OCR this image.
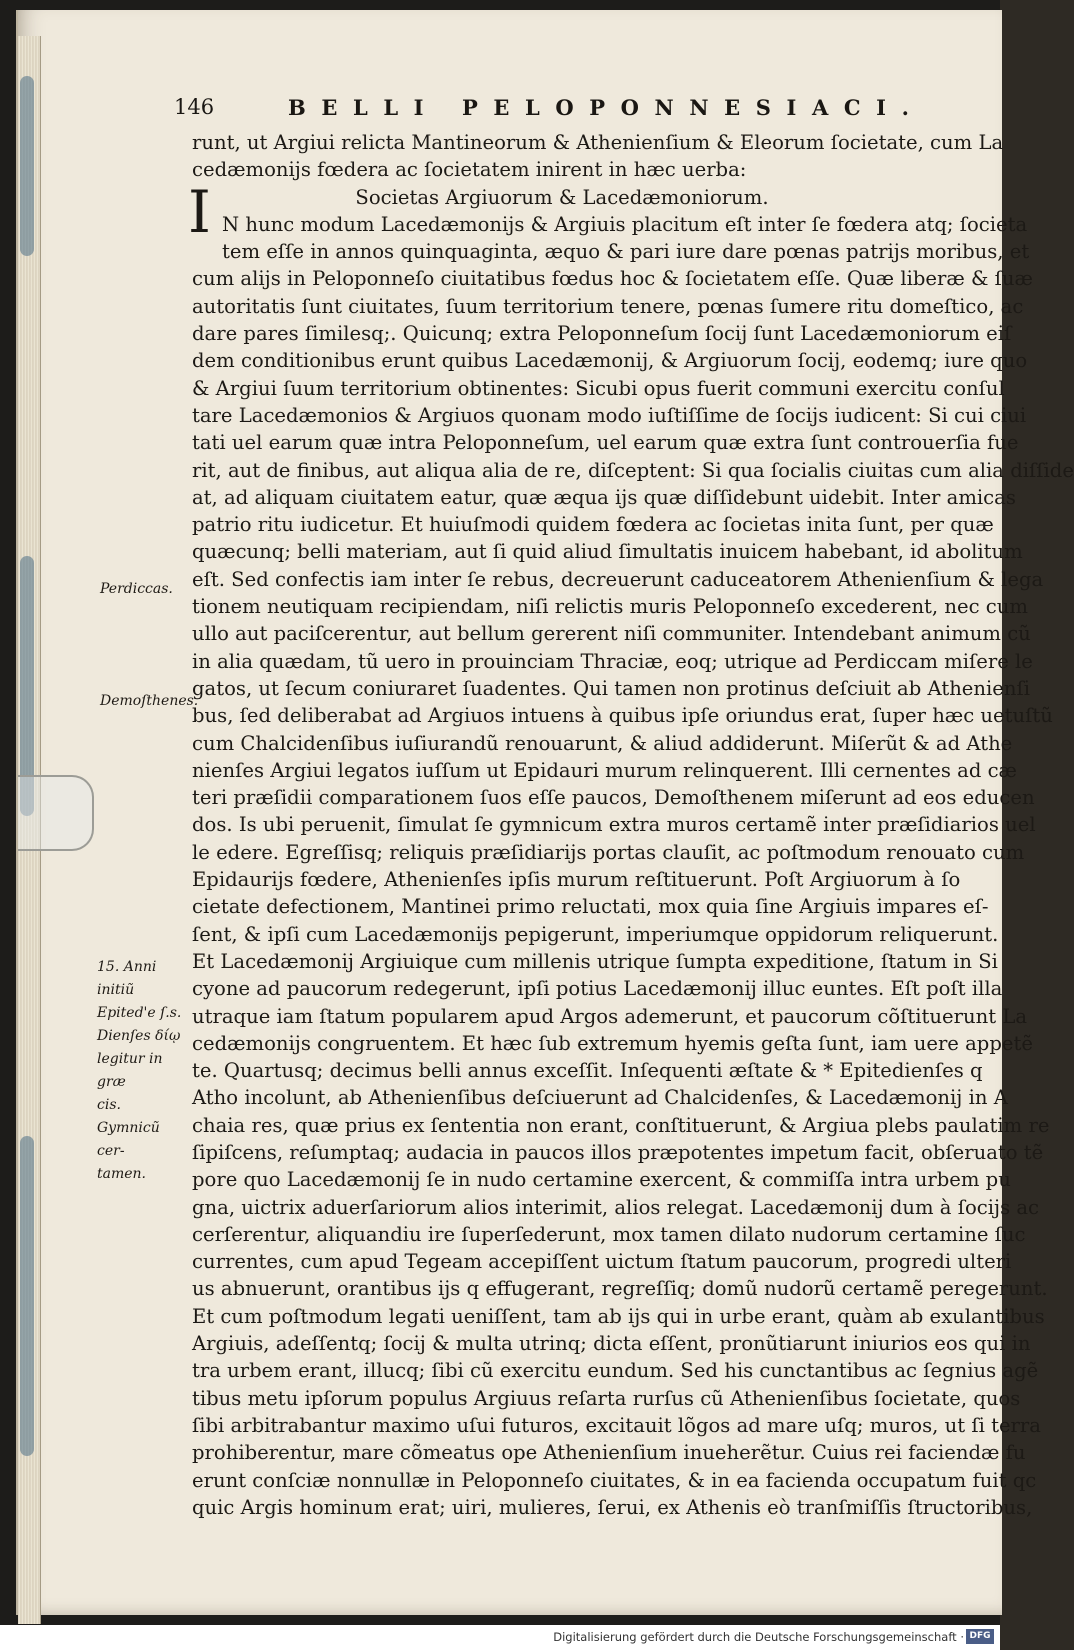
146	BELLI PELOPONNESIACI.
Perdiccas.
Demoſthenes.
15. Anni initiũ
Epited'e ſ.s.
Dienſes δίῳ
legitur in græ
cis.
Gymnicũ cer-
tamen.
I
runt, ut Argiui relicta Mantineorum & Athenienſium & Eleorum ſocietate, cum La
cedæmonijs fœdera ac ſocietatem inirent in hæc uerba:
Societas Argiuorum & Lacedæmoniorum.
N hunc modum Lacedæmonijs & Argiuis placitum eſt inter ſe fœdera atq; ſocieta
tem eſſe in annos quinquaginta, æquo & pari iure dare pœnas patrijs moribus, et
cum alijs in Peloponneſo ciuitatibus fœdus hoc & ſocietatem eſſe. Quæ liberæ & ſuæ
autoritatis ſunt ciuitates, ſuum territorium tenere, pœnas ſumere ritu domeſtico, ac
dare pares ſimilesq;. Quicunq; extra Peloponneſum ſocij ſunt Lacedæmoniorum eiſ
dem conditionibus erunt quibus Lacedæmonij, & Argiuorum ſocij, eodemq; iure quo
& Argiui ſuum territorium obtinentes: Sicubi opus fuerit communi exercitu conſul
tare Lacedæmonios & Argiuos quonam modo iuſtiſſime de ſocijs iudicent: Si cui ciui
tati uel earum quæ intra Peloponneſum, uel earum quæ extra ſunt controuerſia fue
rit, aut de finibus, aut aliqua alia de re, diſceptent: Si qua ſocialis ciuitas cum alia diſſide
at, ad aliquam ciuitatem eatur, quæ æqua ijs quæ diſſidebunt uidebit. Inter amicas
patrio ritu iudicetur. Et huiuſmodi quidem fœdera ac ſocietas inita ſunt, per quæ
quæcunq; belli materiam, aut ſi quid aliud ſimultatis inuicem habebant, id abolitum
eſt. Sed confectis iam inter ſe rebus, decreuerunt caduceatorem Athenienſium & lega
tionem neutiquam recipiendam, niſi relictis muris Peloponneſo excederent, nec cum
ullo aut paciſcerentur, aut bellum gererent niſi communiter. Intendebant animum cũ
in alia quædam, tũ uero in prouinciam Thraciæ, eoq; utrique ad Perdiccam miſere le
gatos, ut ſecum coniuraret ſuadentes. Qui tamen non protinus deſciuit ab Athenienſi
bus, ſed deliberabat ad Argiuos intuens à quibus ipſe oriundus erat, ſuper hæc uetuſtũ
cum Chalcidenſibus iuſiurandũ renouarunt, & aliud addiderunt. Miſerũt & ad Athe
nienſes Argiui legatos iuſſum ut Epidauri murum relinquerent. Illi cernentes ad cæ
teri præſidii comparationem ſuos eſſe paucos, Demoſthenem miſerunt ad eos educen
dos. Is ubi peruenit, ſimulat ſe gymnicum extra muros certamẽ inter præſidiarios uel
le edere. Egreſſisq; reliquis præſidiarijs portas clauſit, ac poſtmodum renouato cum
Epidaurijs fœdere, Athenienſes ipſis murum reſtituerunt. Poſt Argiuorum à ſo
cietate defectionem, Mantinei primo reluctati, mox quia ſine Argiuis impares eſ-
ſent, & ipſi cum Lacedæmonijs pepigerunt, imperiumque oppidorum reliquerunt.
Et Lacedæmonij Argiuique cum millenis utrique ſumpta expeditione, ſtatum in Si
cyone ad paucorum redegerunt, ipſi potius Lacedæmonij illuc euntes. Eſt poſt illa
utraque iam ſtatum popularem apud Argos ademerunt, et paucorum cõſtituerunt La
cedæmonijs congruentem. Et hæc ſub extremum hyemis geſta ſunt, iam uere appetẽ
te. Quartusq; decimus belli annus exceſſit. Inſequenti æſtate & * Epitedienſes q
Atho incolunt, ab Athenienſibus deſciuerunt ad Chalcidenſes, & Lacedæmonij in A
chaia res, quæ prius ex ſententia non erant, conſtituerunt, & Argiua plebs paulatim re
ſipiſcens, reſumptaq; audacia in paucos illos præpotentes impetum facit, obſeruato tẽ
pore quo Lacedæmonij ſe in nudo certamine exercent, & commiſſa intra urbem pu
gna, uictrix aduerſariorum alios interimit, alios relegat. Lacedæmonij dum à ſocijs ac
cerſerentur, aliquandiu ire ſuperſederunt, mox tamen dilato nudorum certamine ſuc
currentes, cum apud Tegeam accepiſſent uictum ſtatum paucorum, progredi ulteri
us abnuerunt, orantibus ijs q effugerant, regreſſiq; domũ nudorũ certamẽ peregerunt.
Et cum poſtmodum legati ueniſſent, tam ab ijs qui in urbe erant, quàm ab exulantibus
Argiuis, adeſſentq; ſocij & multa utrinq; dicta eſſent, pronũtiarunt iniurios eos qui in
tra urbem erant, illucq; ſibi cũ exercitu eundum. Sed his cunctantibus ac ſegnius agẽ
tibus metu ipſorum populus Argiuus reſarta rurſus cũ Athenienſibus ſocietate, quos
ſibi arbitrabantur maximo uſui futuros, excitauit lõgos ad mare uſq; muros, ut ſi terra
prohiberentur, mare cõmeatus ope Athenienſium inueherẽtur. Cuius rei faciendæ fu
erunt conſciæ nonnullæ in Peloponneſo ciuitates, & in ea facienda occupatum fuit qc
quic Argis hominum erat; uiri, mulieres, ſerui, ex Athenis eò tranſmiſſis ſtructoribus,
Digitalisierung gefördert durch die Deutsche Forschungsgemeinschaft · DFG
